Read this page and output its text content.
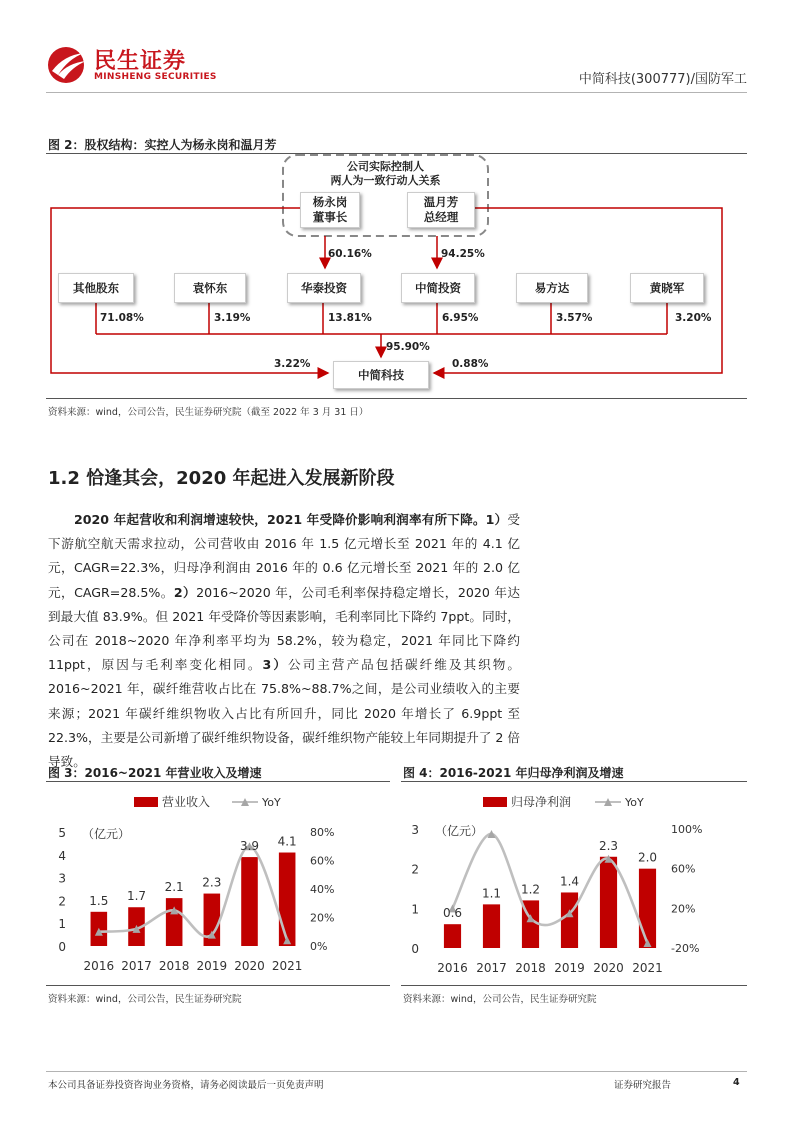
民生证券
MINSHENG SECURITIES	中简科技(300777)/国防军工
图 2：股权结构：实控人为杨永岗和温月芳
公司实际控制人
两人为一致行动人关系
杨永岗
董事长
温月芳
总经理
60.16%	94.25%
其他股东	袁怀东	华泰投资	中简投资	易方达	黄晓军
71.08%	3.19%	13.81%	6.95%	3.57%	3.20%
95.90%
3.22%	0.88%
中简科技
资料来源：wind，公司公告，民生证券研究院（截至 2022 年 3 月 31 日）
1.2 恰逢其会，2020 年起进入发展新阶段
2020 年起营收和利润增速较快，2021 年受降价影响利润率有所下降。1）受下游航空航天需求拉动，公司营收由 2016 年 1.5 亿元增长至 2021 年的 4.1 亿元，CAGR=22.3%，归母净利润由 2016 年的 0.6 亿元增长至 2021 年的 2.0 亿元，CAGR=28.5%。2）2016~2020 年，公司毛利率保持稳定增长，2020 年达到最大值 83.9%。但 2021 年受降价等因素影响，毛利率同比下降约 7ppt。同时，公司在 2018~2020 年净利率平均为 58.2%，较为稳定，2021 年同比下降约 11ppt，原因与毛利率变化相同。3）公司主营产品包括碳纤维及其织物。2016~2021 年，碳纤维营收占比在 75.8%~88.7%之间，是公司业绩收入的主要来源；2021 年碳纤维织物收入占比有所回升，同比 2020 年增长了 6.9ppt 至 22.3%，主要是公司新增了碳纤维织物设备，碳纤维织物产能较上年同期提升了 2 倍导致。
图 3：2016~2021 年营业收入及增速	图 4：2016-2021 年归母净利润及增速
营业收入	YoY
（亿元）
0
1
2
3
4
5
0%
20%
40%
60%
80%
1.5 1.7
2.1 2.3
3.9 4.1
2016 2017 2018 2019 2020 2021
归母净利润	YoY
（亿元）
0
1
2
3
-20%
20%
60%
100%
0.6
1.1 1.2
1.4
2.3
2.0
2016 2017 2018 2019 2020 2021
资料来源：wind，公司公告，民生证券研究院	资料来源：wind，公司公告，民生证券研究院
本公司具备证券投资咨询业务资格，请务必阅读最后一页免责声明	证券研究报告	4
